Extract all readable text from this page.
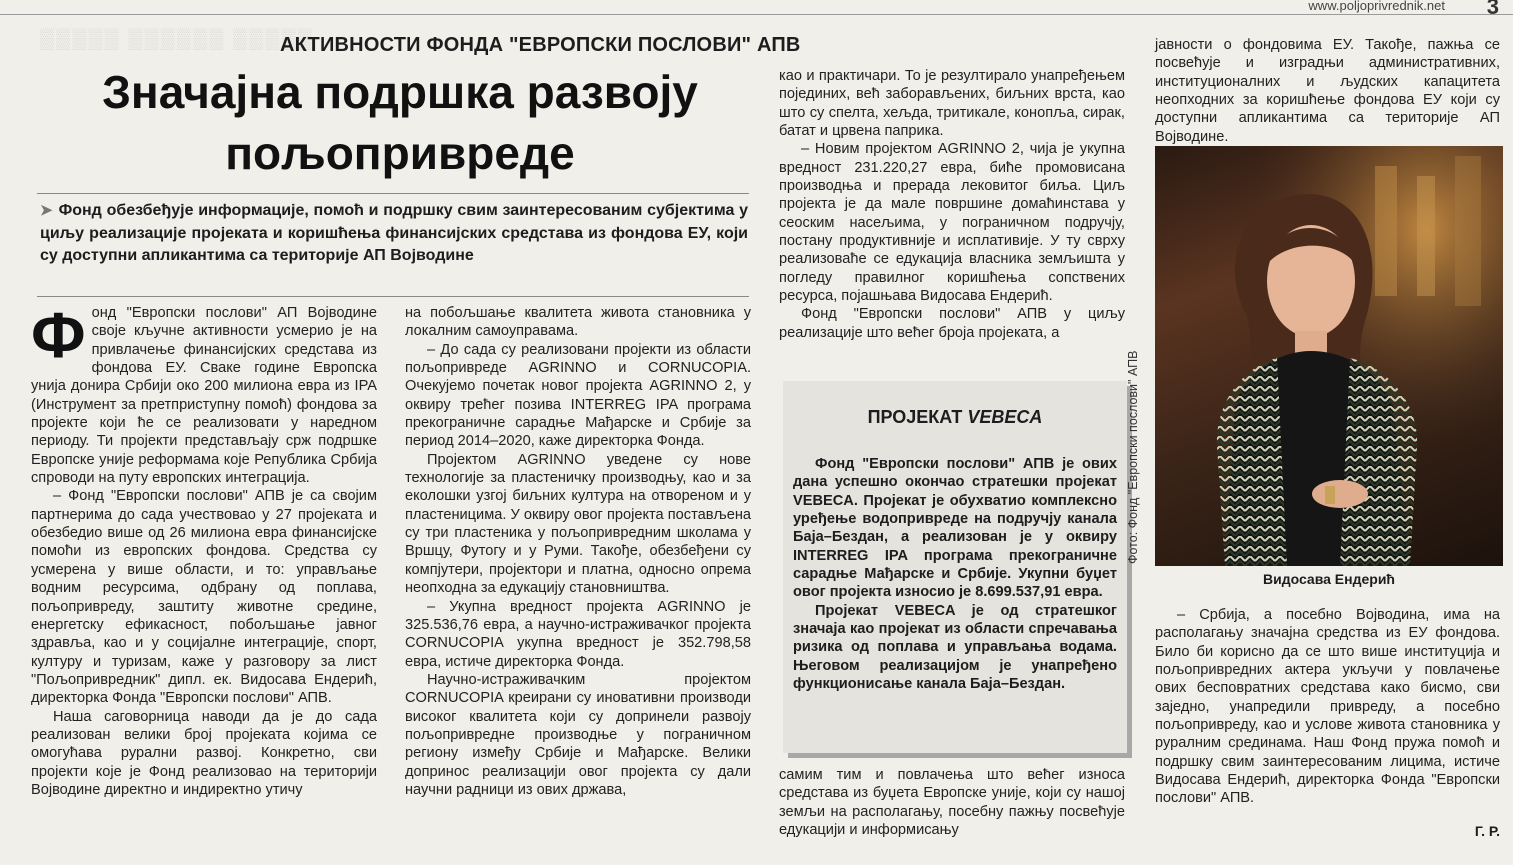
▒▒▒▒▒ ▒▒▒▒▒▒ ▒▒▒▒▒
www.poljoprivrednik.net 3
АКТИВНОСТИ ФОНДА "ЕВРОПСКИ ПОСЛОВИ" АПВ
Значајна подршка развоју
пољопривреде
➤ Фонд обезбеђује информације, помоћ и подршку свим заинтересованим субјектима у циљу реализације пројеката и коришћења финансијских средстава из фондова ЕУ, који су доступни апликантима са територије АП Војводине

Фонд "Европски послови" АП Војводине своје кључне активности усмерио је на привлачење финансијских средстава из фондова ЕУ. Сваке године Европска унија донира Србији око 200 милиона евра из IPA (Инструмент за претприступну помоћ) фондова за пројекте који ће се реализовати у наредном периоду. Ти пројекти представљају срж подршке Европске уније реформама које Република Србија спроводи на путу европских интеграција.

– Фонд "Европски послови" АПВ је са својим партнерима до сада учествовао у 27 пројеката и обезбедио више од 26 милиона евра финансијске помоћи из европских фондова. Средства су усмерена у више области, и то: управљање водним ресурсима, одбрану од поплава, пољопривреду, заштиту животне средине, енергетску ефикасност, побољшање јавног здравља, као и у социјалне интеграције, спорт, културу и туризам, каже у разговору за лист "Пољопривредник" дипл. ек. Видосава Ендерић, директорка Фонда "Европски послови" АПВ.

Наша саговорница наводи да је до сада реализован велики број пројеката којима се омогућава рурални развој. Конкретно, сви пројекти које је Фонд реализовао на територији Војводине директно и индиректно утичу

на побољшање квалитета живота становника у локалним самоуправама.

– До сада су реализовани пројекти из области пољопривреде AGRINNO и CORNUCOPIA. Очекујемо почетак новог пројекта AGRINNO 2, у оквиру трећег позива INTERREG IPA програма прекограничне сарадње Мађарске и Србије за период 2014–2020, каже директорка Фонда.

Пројектом AGRINNO уведене су нове технологије за пластеничку производњу, као и за еколошки узгој биљних култура на отвореном и у пластеницима. У оквиру овог пројекта постављена су три пластеника у пољопривредним школама у Вршцу, Футогу и у Руми. Такође, обезбеђени су компјутери, пројектори и платна, односно опрема неопходна за едукацију становништва.

– Укупна вредност пројекта AGRINNO је 325.536,76 евра, а научно-истраживачког пројекта CORNUCOPIA укупна вредност је 352.798,58 евра, истиче директорка Фонда.

Научно-истраживачким пројектом CORNUCOPIA креирани су иновативни производи високог квалитета који су допринели развоју пољопривредне производње у пограничном региону између Србије и Мађарске. Велики допринос реализацији овог пројекта су дали научни радници из ових држава,

као и практичари. То је резултирало унапређењем појединих, већ заборављених, биљних врста, као што су спелта, хељда, тритикале, конопља, сирак, батат и црвена паприка.

– Новим пројектом AGRINNO 2, чија је укупна вредност 231.220,27 евра, биће промовисана производња и прерада лековитог биља. Циљ пројекта је да мале површине домаћинстава у сеоским насељима, у пограничном подручју, постану продуктивније и исплативије. У ту сврху реализоваће се едукација власника земљишта у погледу правилног коришћења сопствених ресурса, појашњава Видосава Ендерић.

Фонд "Европски послови" АПВ у циљу реализације што већег броја пројеката, а

ПРОЈЕКАТ VEBECA

Фонд "Европски послови" АПВ је ових дана успешно окончао стратешки пројекат VEBECA. Пројекат је обухватио комплексно уређење водопривреде на подручју канала Баја–Бездан, а реализован је у оквиру INTERREG IPA програма прекограничне сарадње Мађарске и Србије. Укупни буџет овог пројекта износио је 8.699.537,91 евра.

Пројекат VEBECA је од стратешког значаја као пројекат из области спречавања ризика од поплава и управљања водама. Његовом реализацијом је унапређено функционисање канала Баја–Бездан.

самим тим и повлачења што већег износа средстава из буџета Европске уније, који су нашој земљи на располагању, посебну пажњу посвећује едукацији и информисању

јавности о фондовима ЕУ. Такође, пажња се посвећује и изградњи административних, институционалних и људских капацитета неопходних за коришћење фондова ЕУ који су доступни апликантима са територије АП Војводине.

Фото: Фонд "Европски послови" АПВ
Видосава Ендерић

– Србија, а посебно Војводина, има на располагању значајна средства из ЕУ фондова. Било би корисно да се што више институција и пољопривредних актера укључи у повлачење ових бесповратних средстава како бисмо, сви заједно, унапредили привреду, а посебно пољопривреду, као и услове живота становника у руралним срединама. Наш Фонд пружа помоћ и подршку свим заинтересованим лицима, истиче Видосава Ендерић, директорка Фонда "Европски послови" АПВ.

Г. Р.
